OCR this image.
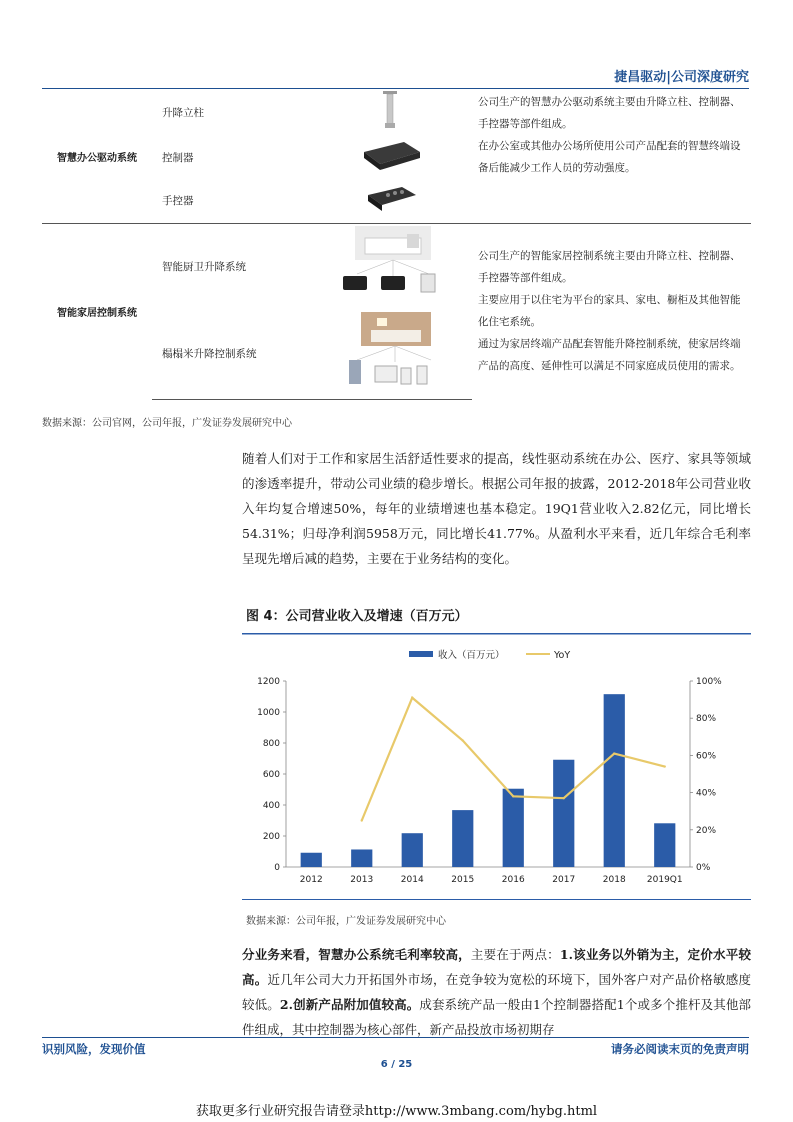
捷昌驱动|公司深度研究
智慧办公驱动系统	升降立柱		公司生产的智慧办公驱动系统主要由升降立柱、控制器、手控器等部件组成。
在办公室或其他办公场所使用公司产品配套的智慧终端设备后能减少工作人员的劳动强度。

	控制器	
	手控器		
智能家居控制系统	智能厨卫升降系统		公司生产的智能家居控制系统主要由升降立柱、控制器、手控器等部件组成。
主要应用于以住宅为平台的家具、家电、橱柜及其他智能化住宅系统。
通过为家居终端产品配套智能升降控制系统，使家居终端产品的高度、延伸性可以满足不同家庭成员使用的需求。

	榻榻米升降控制系统	
数据来源：公司官网，公司年报，广发证券发展研究中心
随着人们对于工作和家居生活舒适性要求的提高，线性驱动系统在办公、医疗、家具等领域的渗透率提升，带动公司业绩的稳步增长。根据公司年报的披露，2012-2018年公司营业收入年均复合增速50%，每年的业绩增速也基本稳定。19Q1营业收入2.82亿元，同比增长54.31%；归母净利润5958万元，同比增长41.77%。从盈利水平来看，近几年综合毛利率呈现先增后减的趋势，主要在于业务结构的变化。
图 4：公司营业收入及增速（百万元）
收入（百万元）	YoY
0
200
400
600
800
1000
1200
0%
20%
40%
60%
80%
100%
2012	2013	2014	2015	2016	2017	2018 2019Q1
数据来源：公司年报，广发证券发展研究中心
分业务来看，智慧办公系统毛利率较高，主要在于两点：1.该业务以外销为主，定价水平较高。近几年公司大力开拓国外市场，在竞争较为宽松的环境下，国外客户对产品价格敏感度较低。2.创新产品附加值较高。成套系统产品一般由1个控制器搭配1个或多个推杆及其他部件组成，其中控制器为核心部件，新产品投放市场初期存
识别风险，发现价值	请务必阅读末页的免责声明
6 / 25
获取更多行业研究报告请登录http://www.3mbang.com/hybg.html
